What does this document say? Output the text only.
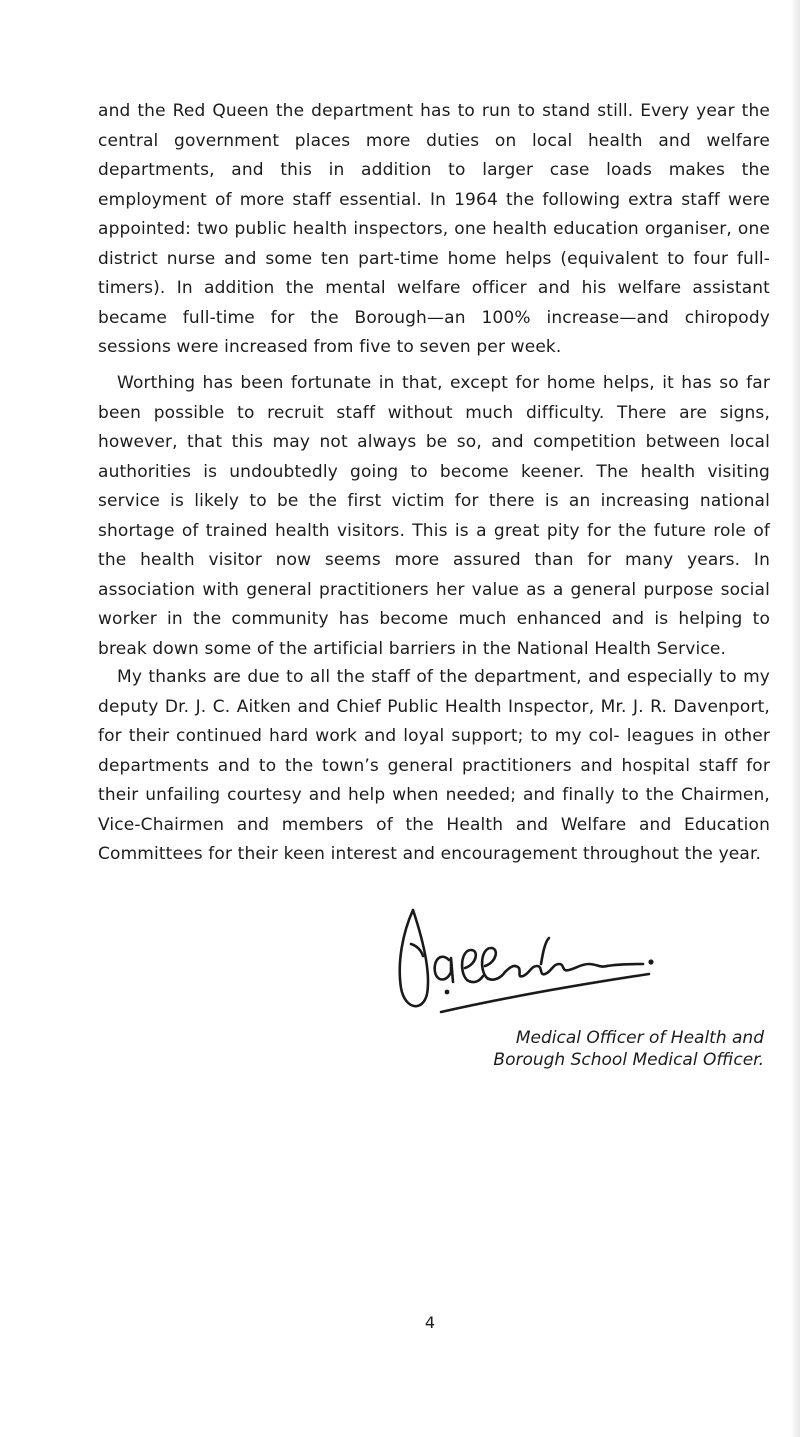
and the Red Queen the department has to run to stand still. Every year the central government places more duties on local health and welfare departments, and this in addition to larger case loads makes the employment of more staff essential. In 1964 the following extra staff were appointed: two public health inspectors, one health education organiser, one district nurse and some ten part-time home helps (equivalent to four full-timers). In addition the mental welfare officer and his welfare assistant became full-time for the Borough—an 100% increase—and chiropody sessions were increased from five to seven per week.

Worthing has been fortunate in that, except for home helps, it has so far been possible to recruit staff without much difficulty. There are signs, however, that this may not always be so, and competition between local authorities is undoubtedly going to become keener. The health visiting service is likely to be the first victim for there is an increasing national shortage of trained health visitors. This is a great pity for the future role of the health visitor now seems more assured than for many years. In association with general practitioners her value as a general purpose social worker in the community has become much enhanced and is helping to break down some of the artificial barriers in the National Health Service.

My thanks are due to all the staff of the department, and especially to my deputy Dr. J. C. Aitken and Chief Public Health Inspector, Mr. J. R. Davenport, for their continued hard work and loyal support; to my col- leagues in other departments and to the town’s general practitioners and hospital staff for their unfailing courtesy and help when needed; and finally to the Chairmen, Vice-Chairmen and members of the Health and Welfare and Education Committees for their keen interest and encouragement throughout the year.

Medical Officer of Health and
Borough School Medical Officer.
4
